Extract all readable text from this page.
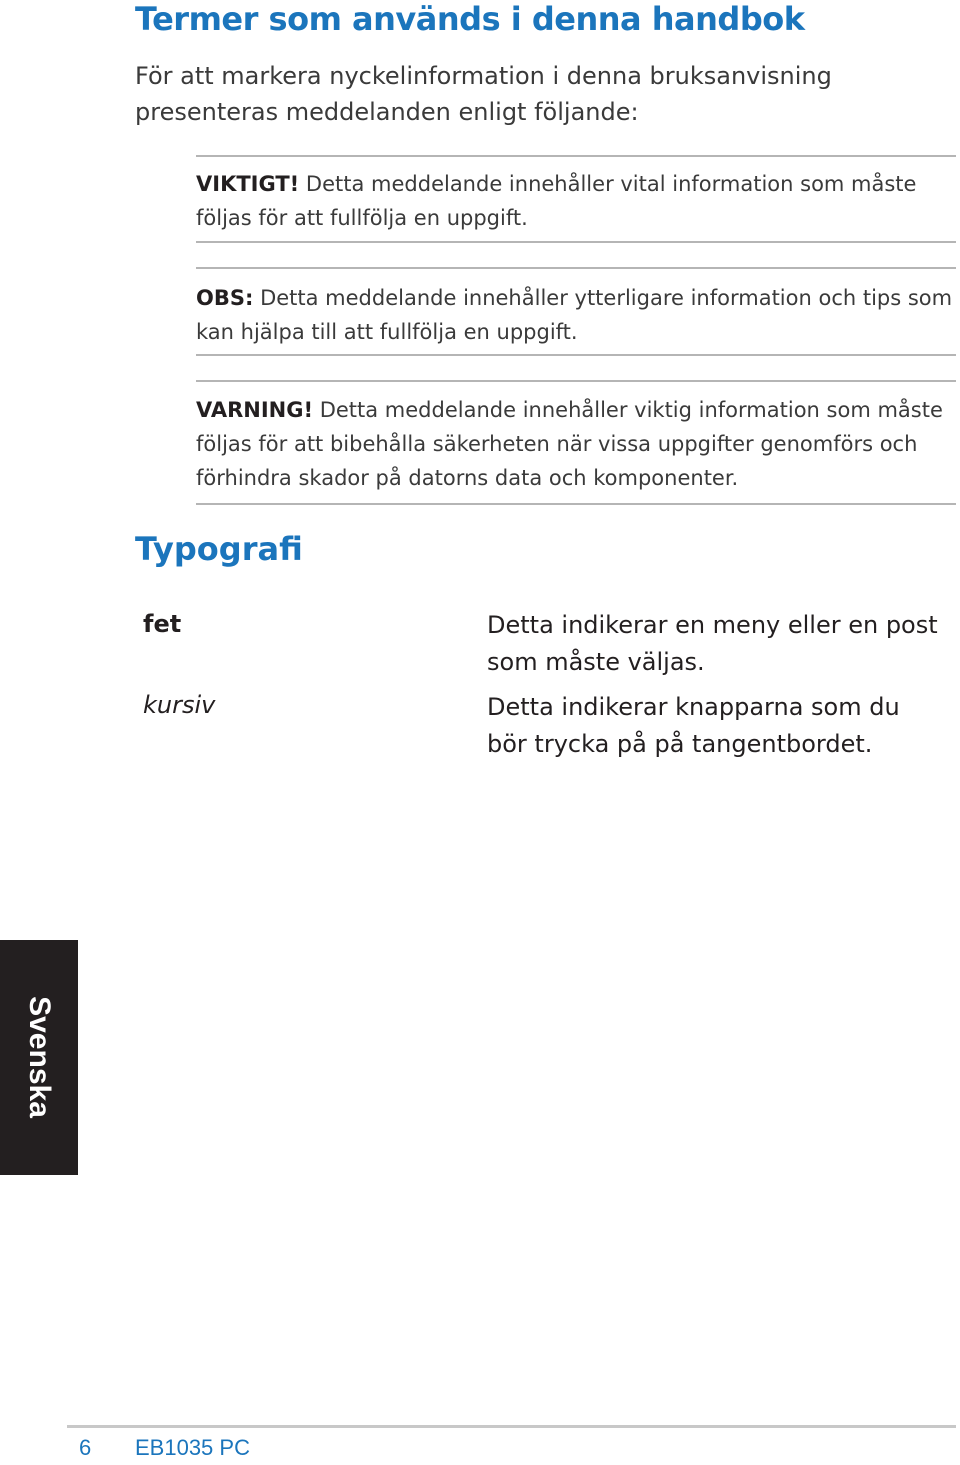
Termer som används i denna handbok
För att markera nyckelinformation i denna bruksanvisning presenteras meddelanden enligt följande:
VIKTIGT! Detta meddelande innehåller vital information som måste följas för att fullfölja en uppgift.
OBS: Detta meddelande innehåller ytterligare information och tips som kan hjälpa till att fullfölja en uppgift.
VARNING! Detta meddelande innehåller viktig information som måste följas för att bibehålla säkerheten när vissa uppgifter genomförs och förhindra skador på datorns data och komponenter.
Typografi
fet	Detta indikerar en meny eller en post som måste väljas.
kursiv	Detta indikerar knapparna som du bör trycka på på tangentbordet.
Svenska
6 EB1035 PC
